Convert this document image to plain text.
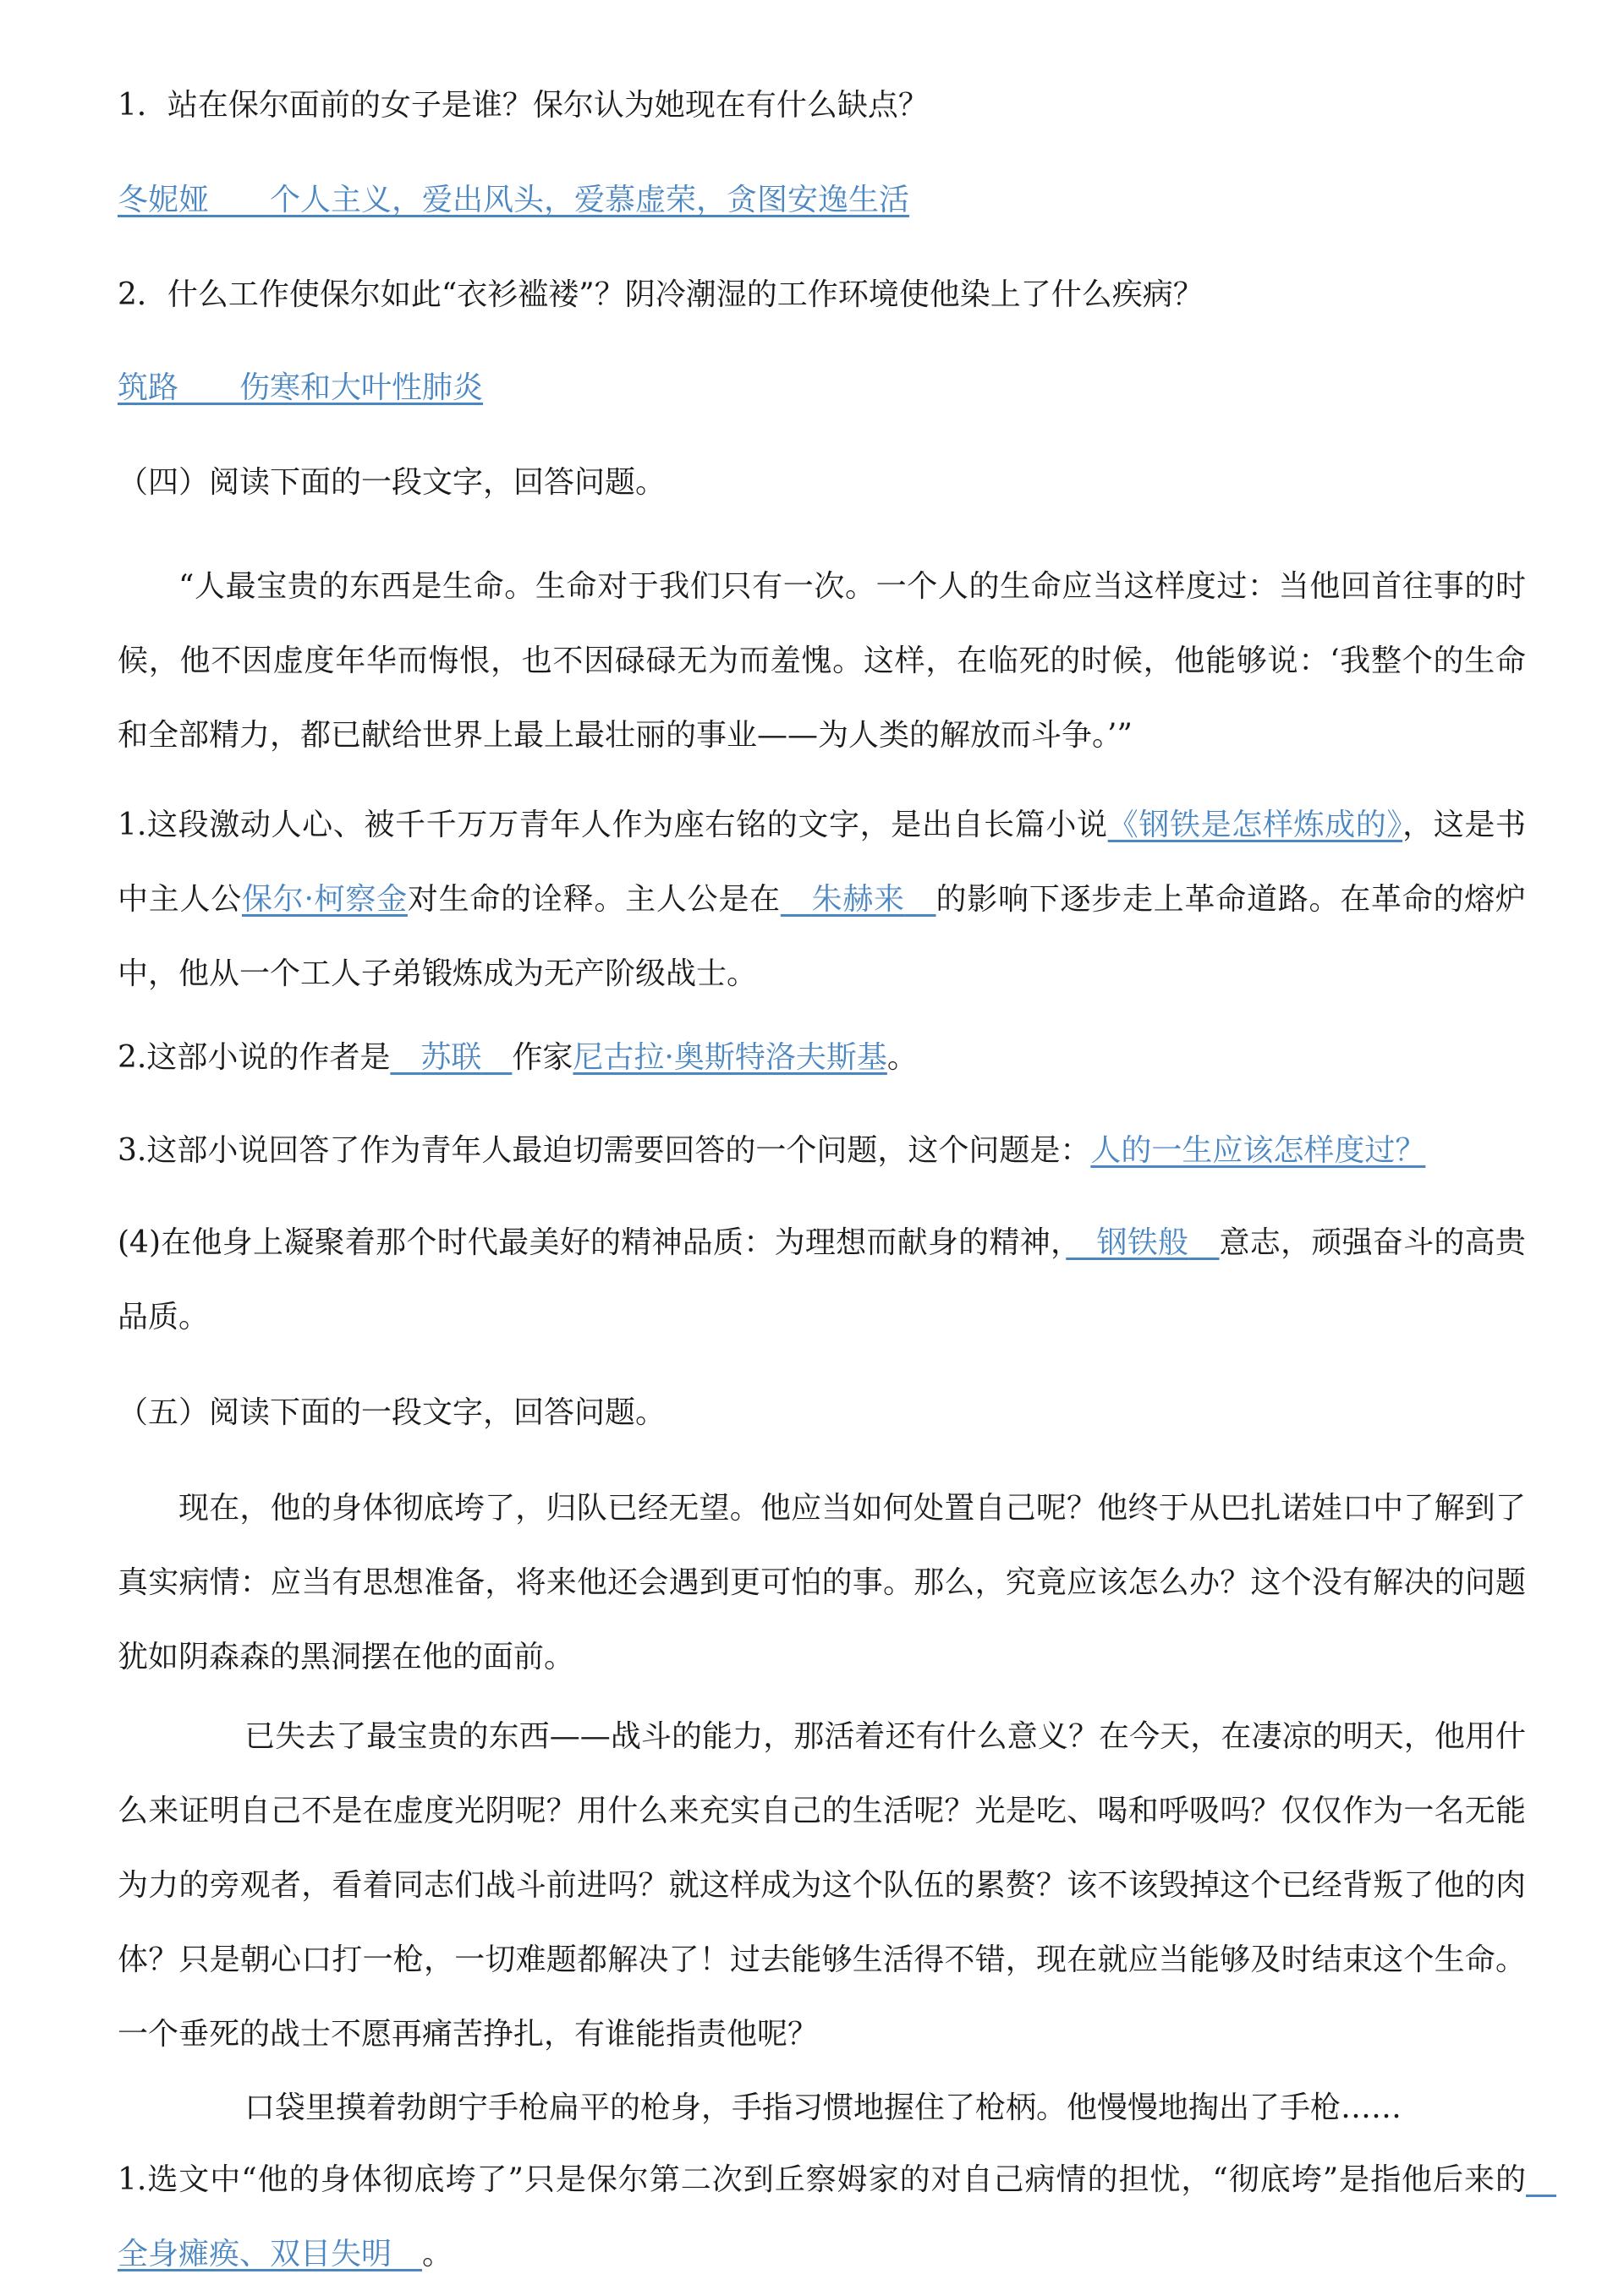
1．站在保尔面前的女子是谁？保尔认为她现在有什么缺点？
冬妮娅　　 个人主义，爱出风头，爱慕虚荣，贪图安逸生活
2．什么工作使保尔如此“衣衫褴褛”？阴冷潮湿的工作环境使他染上了什么疾病？
筑路　　 伤寒和大叶性肺炎
（四）阅读下面的一段文字，回答问题。
“人最宝贵的东西是生命。生命对于我们只有一次。一个人的生命应当这样度过：当他回首往事的时候，他不因虚度年华而悔恨，也不因碌碌无为而羞愧。这样，在临死的时候，他能够说：‘我整个的生命和全部精力，都已献给世界上最上最壮丽的事业——为人类的解放而斗争。’”
1.这段激动人心、被千千万万青年人作为座右铭的文字，是出自长篇小说《钢铁是怎样炼成的》，这是书中主人公保尔·柯察金对生命的诠释。主人公是在　 朱赫来　 的影响下逐步走上革命道路。在革命的熔炉中，他从一个工人子弟锻炼成为无产阶级战士。
2.这部小说的作者是　 苏联　 作家尼古拉·奥斯特洛夫斯基。
3.这部小说回答了作为青年人最迫切需要回答的一个问题，这个问题是：人的一生应该怎样度过？
(4)在他身上凝聚着那个时代最美好的精神品质：为理想而献身的精神，　 钢铁般　 意志，顽强奋斗的高贵品质。
（五）阅读下面的一段文字，回答问题。
现在，他的身体彻底垮了，归队已经无望。他应当如何处置自己呢？他终于从巴扎诺娃口中了解到了真实病情：应当有思想准备，将来他还会遇到更可怕的事。那么，究竟应该怎么办？这个没有解决的问题犹如阴森森的黑洞摆在他的面前。
已失去了最宝贵的东西——战斗的能力，那活着还有什么意义？在今天，在凄凉的明天，他用什么来证明自己不是在虚度光阴呢？用什么来充实自己的生活呢？光是吃、喝和呼吸吗？仅仅作为一名无能为力的旁观者，看着同志们战斗前进吗？就这样成为这个队伍的累赘？该不该毁掉这个已经背叛了他的肉体？只是朝心口打一枪，一切难题都解决了！过去能够生活得不错，现在就应当能够及时结束这个生命。一个垂死的战士不愿再痛苦挣扎，有谁能指责他呢？
口袋里摸着勃朗宁手枪扁平的枪身，手指习惯地握住了枪柄。他慢慢地掏出了手枪……
1.选文中“他的身体彻底垮了”只是保尔第二次到丘察姆家的对自己病情的担忧，“彻底垮”是指他后来的　全身瘫痪、双目失明　 。
